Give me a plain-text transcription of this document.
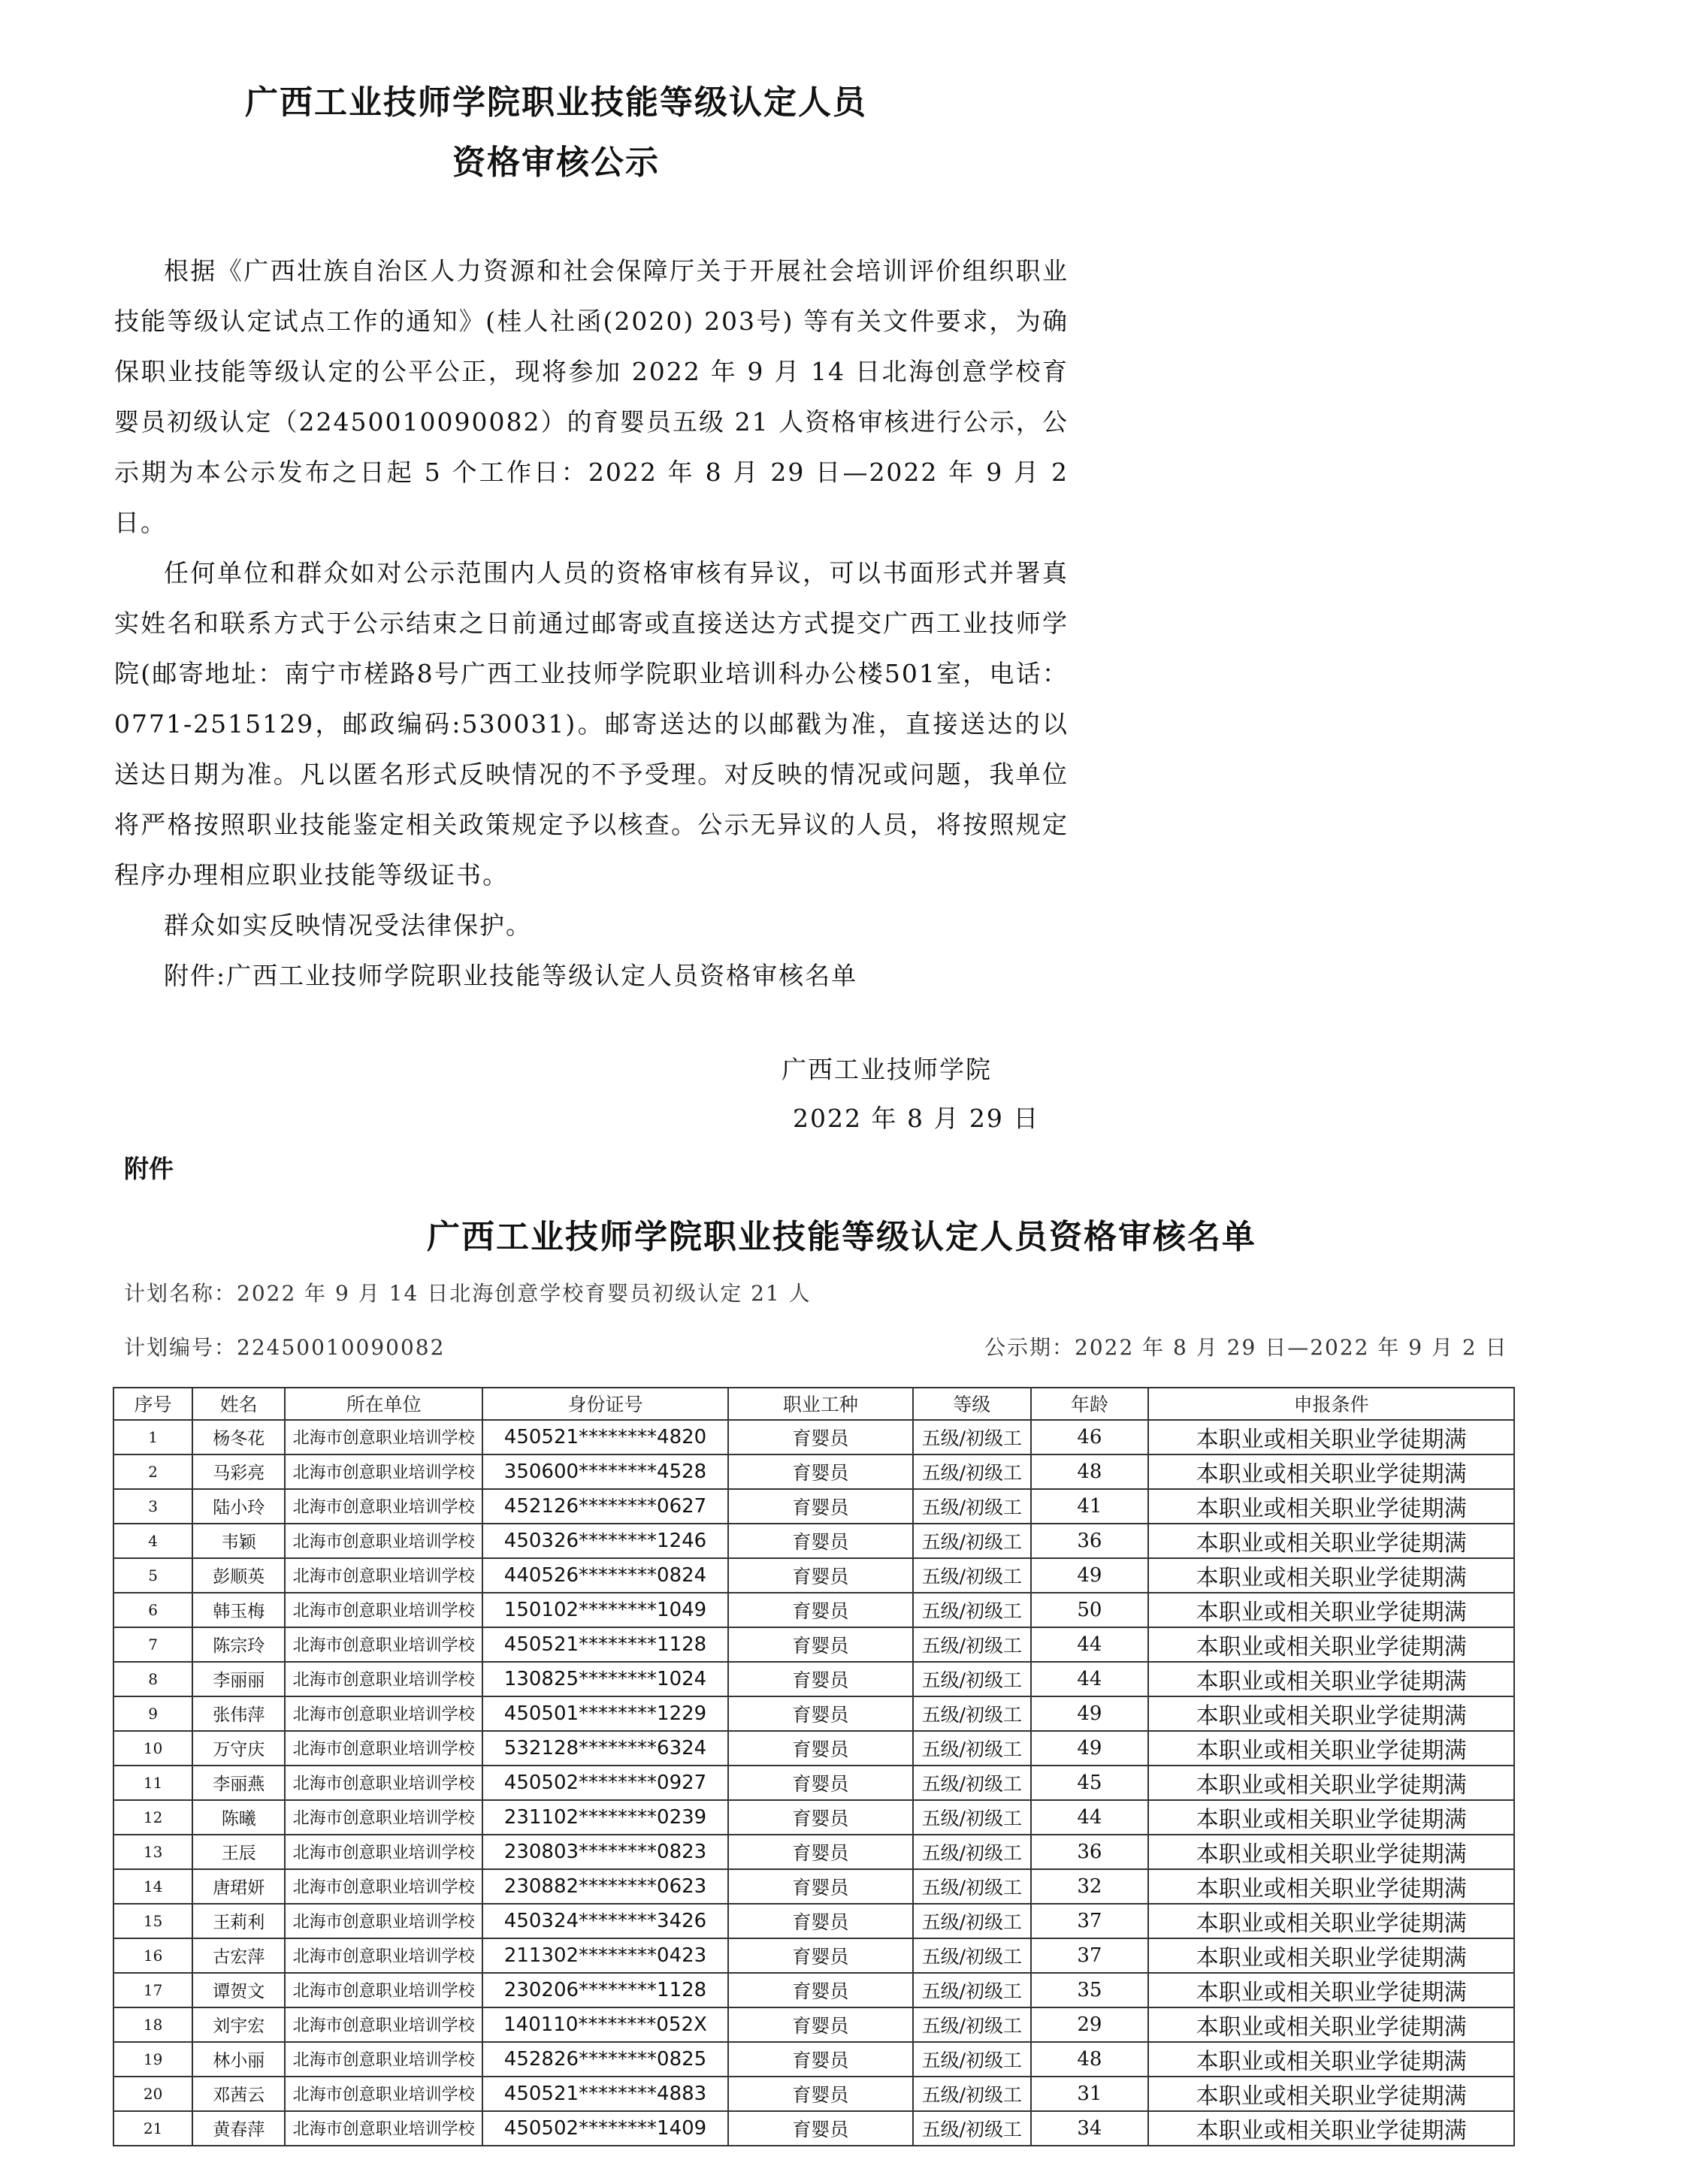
广西工业技师学院职业技能等级认定人员
资格审核公示

根据《广西壮族自治区人力资源和社会保障厅关于开展社会培训评价组织职业技能等级认定试点工作的通知》(桂人社函(2020) 203号) 等有关文件要求，为确保职业技能等级认定的公平公正，现将参加 2022 年 9 月 14 日北海创意学校育婴员初级认定（22450010090082）的育婴员五级 21 人资格审核进行公示，公示期为本公示发布之日起 5 个工作日：2022 年 8 月 29 日—2022 年 9 月 2 日。

任何单位和群众如对公示范围内人员的资格审核有异议，可以书面形式并署真实姓名和联系方式于公示结束之日前通过邮寄或直接送达方式提交广西工业技师学院(邮寄地址：南宁市槎路8号广西工业技师学院职业培训科办公楼501室，电话：0771-2515129，邮政编码:530031)。邮寄送达的以邮戳为准，直接送达的以送达日期为准。凡以匿名形式反映情况的不予受理。对反映的情况或问题，我单位将严格按照职业技能鉴定相关政策规定予以核查。公示无异议的人员，将按照规定程序办理相应职业技能等级证书。

群众如实反映情况受法律保护。

附件:广西工业技师学院职业技能等级认定人员资格审核名单

广西工业技师学院
2022 年 8 月 29 日
附件
广西工业技师学院职业技能等级认定人员资格审核名单
计划名称：2022 年 9 月 14 日北海创意学校育婴员初级认定 21 人
计划编号：22450010090082	公示期：2022 年 8 月 29 日—2022 年 9 月 2 日
序号	姓名	所在单位	身份证号	职业工种	等级	年龄	申报条件
1	杨冬花	北海市创意职业培训学校	450521********4820	育婴员	五级/初级工	46	本职业或相关职业学徒期满
2	马彩亮	北海市创意职业培训学校	350600********4528	育婴员	五级/初级工	48	本职业或相关职业学徒期满
3	陆小玲	北海市创意职业培训学校	452126********0627	育婴员	五级/初级工	41	本职业或相关职业学徒期满
4	韦颖	北海市创意职业培训学校	450326********1246	育婴员	五级/初级工	36	本职业或相关职业学徒期满
5	彭顺英	北海市创意职业培训学校	440526********0824	育婴员	五级/初级工	49	本职业或相关职业学徒期满
6	韩玉梅	北海市创意职业培训学校	150102********1049	育婴员	五级/初级工	50	本职业或相关职业学徒期满
7	陈宗玲	北海市创意职业培训学校	450521********1128	育婴员	五级/初级工	44	本职业或相关职业学徒期满
8	李丽丽	北海市创意职业培训学校	130825********1024	育婴员	五级/初级工	44	本职业或相关职业学徒期满
9	张伟萍	北海市创意职业培训学校	450501********1229	育婴员	五级/初级工	49	本职业或相关职业学徒期满
10	万守庆	北海市创意职业培训学校	532128********6324	育婴员	五级/初级工	49	本职业或相关职业学徒期满
11	李丽燕	北海市创意职业培训学校	450502********0927	育婴员	五级/初级工	45	本职业或相关职业学徒期满
12	陈曦	北海市创意职业培训学校	231102********0239	育婴员	五级/初级工	44	本职业或相关职业学徒期满
13	王辰	北海市创意职业培训学校	230803********0823	育婴员	五级/初级工	36	本职业或相关职业学徒期满
14	唐珺妍	北海市创意职业培训学校	230882********0623	育婴员	五级/初级工	32	本职业或相关职业学徒期满
15	王莉利	北海市创意职业培训学校	450324********3426	育婴员	五级/初级工	37	本职业或相关职业学徒期满
16	古宏萍	北海市创意职业培训学校	211302********0423	育婴员	五级/初级工	37	本职业或相关职业学徒期满
17	谭贺文	北海市创意职业培训学校	230206********1128	育婴员	五级/初级工	35	本职业或相关职业学徒期满
18	刘宇宏	北海市创意职业培训学校	140110********052X	育婴员	五级/初级工	29	本职业或相关职业学徒期满
19	林小丽	北海市创意职业培训学校	452826********0825	育婴员	五级/初级工	48	本职业或相关职业学徒期满
20	邓茜云	北海市创意职业培训学校	450521********4883	育婴员	五级/初级工	31	本职业或相关职业学徒期满
21	黄春萍	北海市创意职业培训学校	450502********1409	育婴员	五级/初级工	34	本职业或相关职业学徒期满
